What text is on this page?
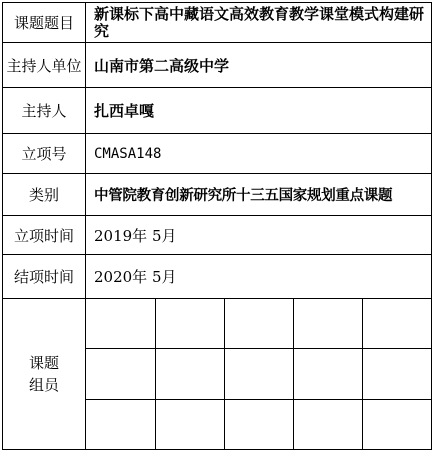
课题题目	新课标下高中藏语文高效教育教学课堂模式构建研究
主持人单位	山南市第二高级中学
主持人	扎西卓嘎
立项号	CMASA148
类别	中管院教育创新研究所十三五国家规划重点课题
立项时间	2019年 5月
结项时间	2020年 5月

课题
组员
